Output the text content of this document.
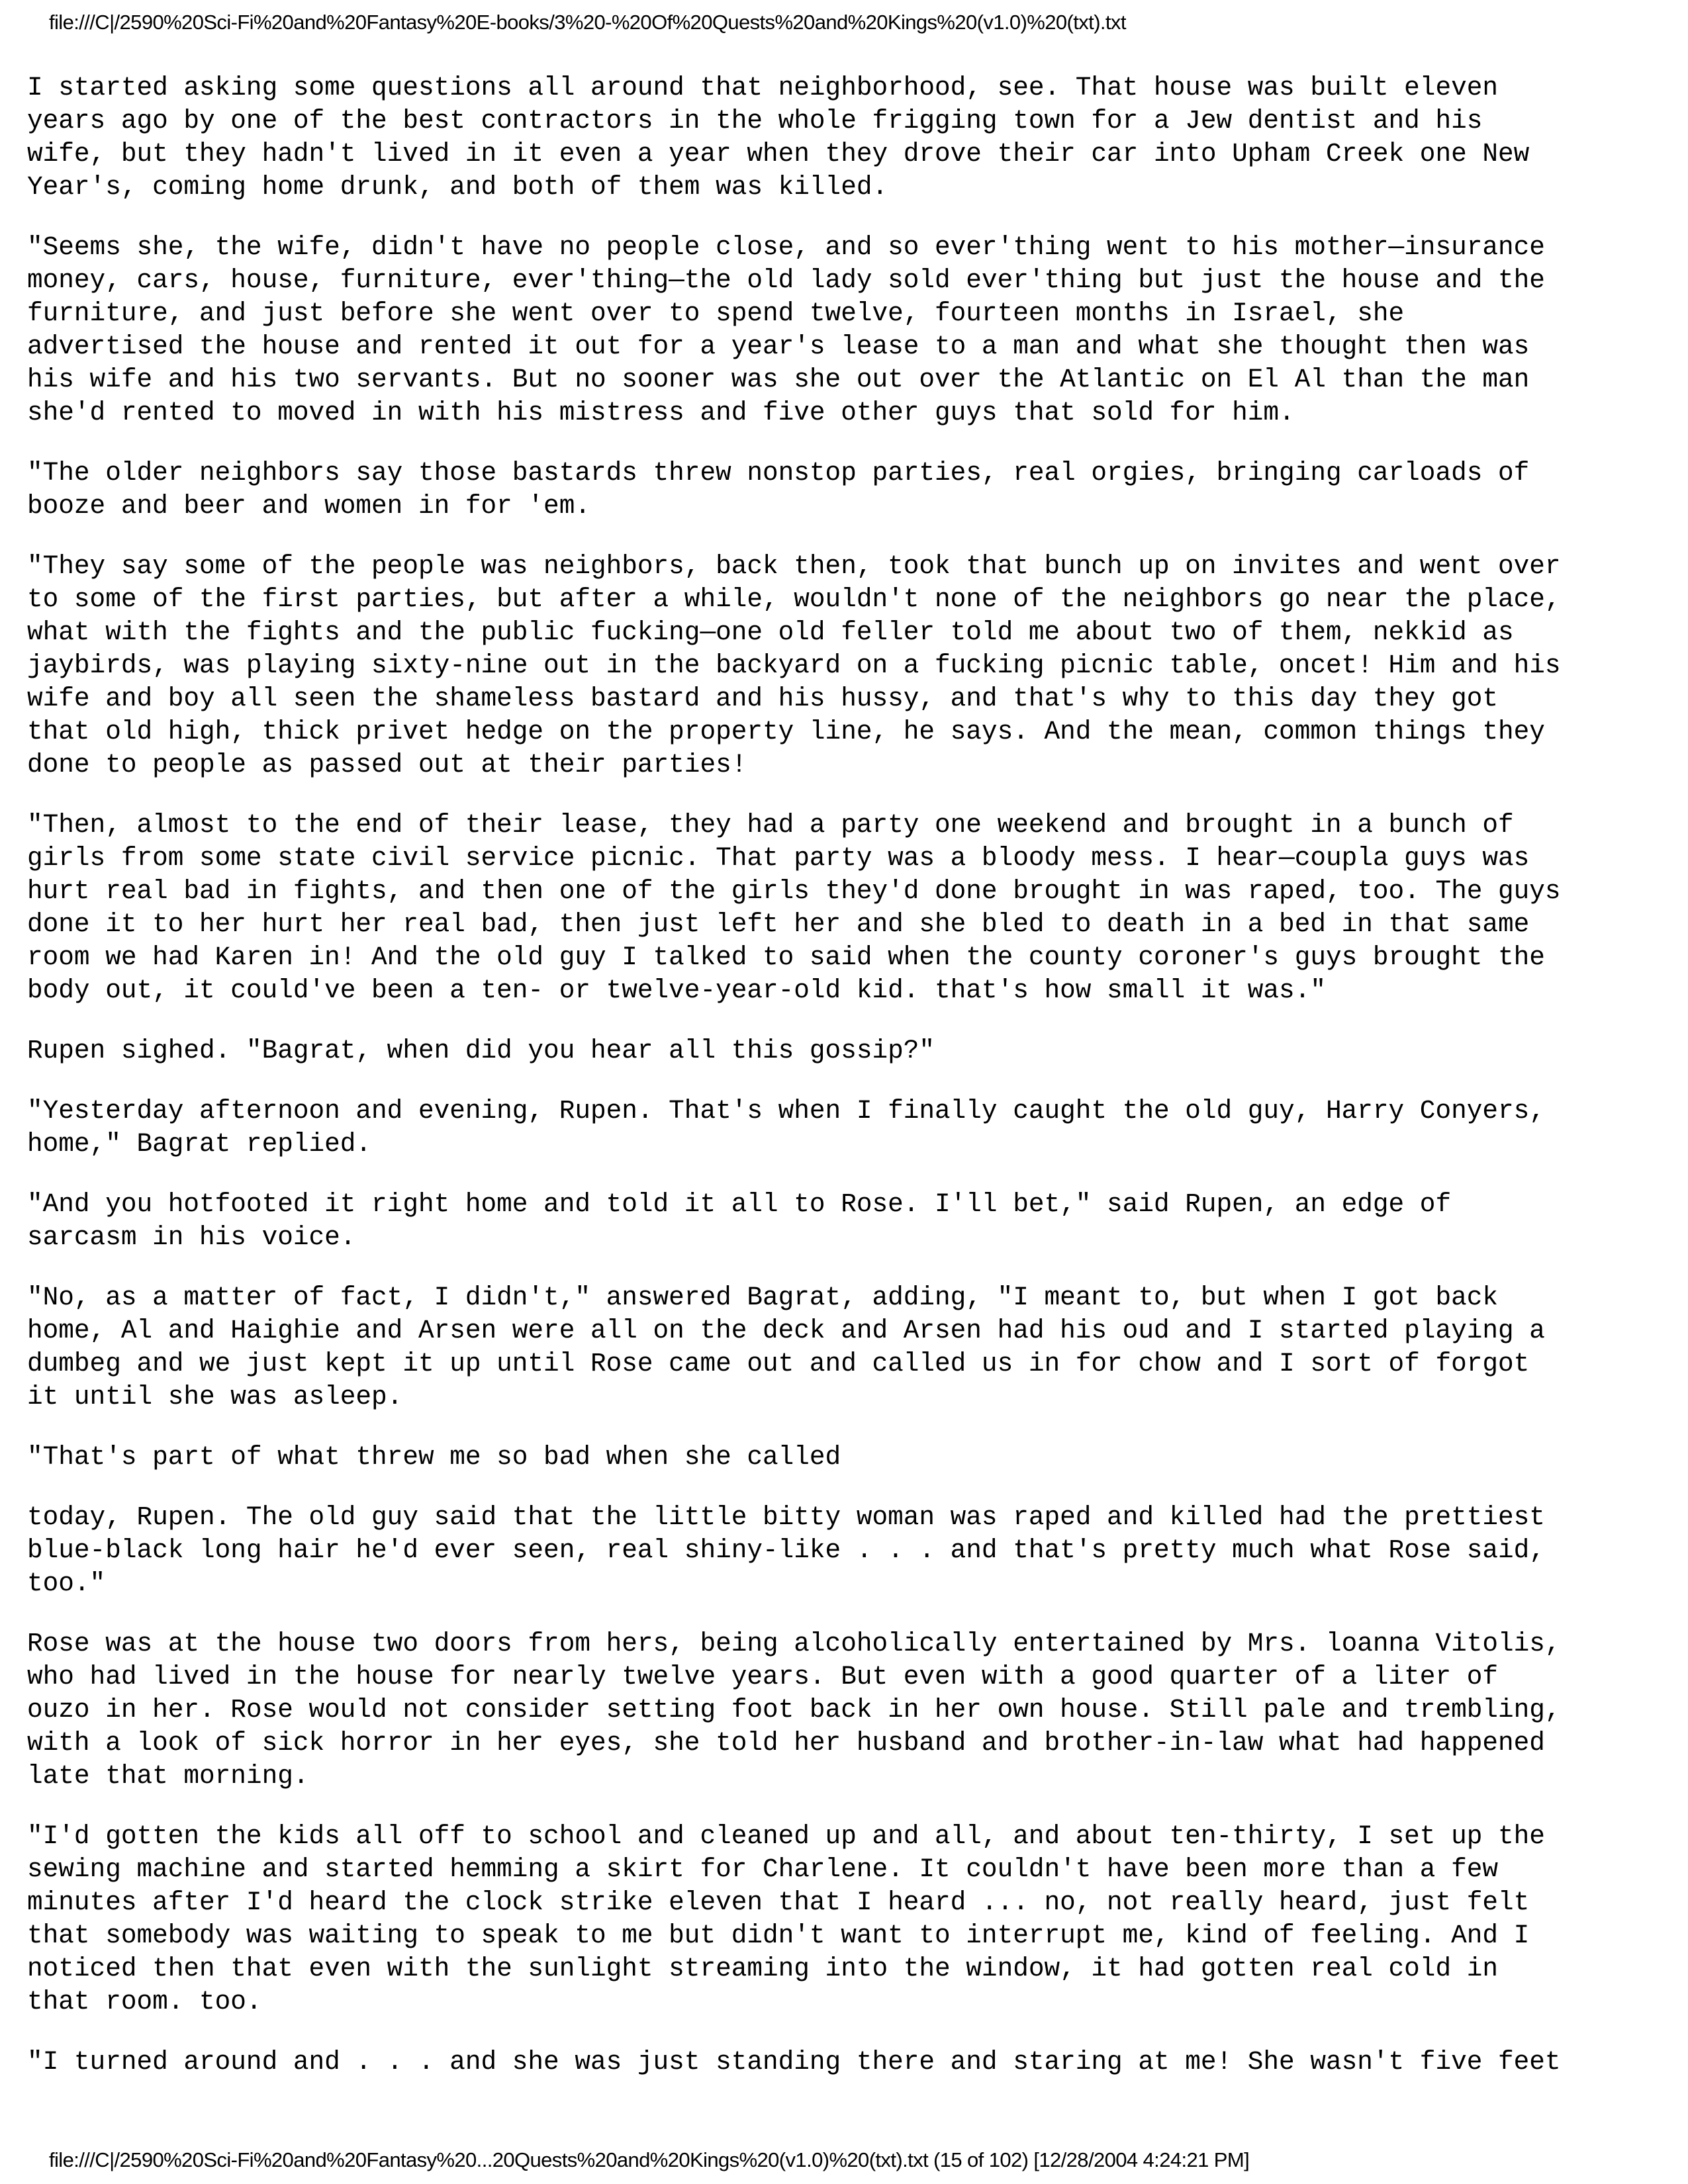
file:///C|/2590%20Sci-Fi%20and%20Fantasy%20E-books/3%20-%20Of%20Quests%20and%20Kings%20(v1.0)%20(txt).txt

I started asking some questions all around that neighborhood, see. That house was built eleven
years ago by one of the best contractors in the whole frigging town for a Jew dentist and his
wife, but they hadn't lived in it even a year when they drove their car into Upham Creek one New
Year's, coming home drunk, and both of them was killed.

"Seems she, the wife, didn't have no people close, and so ever'thing went to his mother—insurance
money, cars, house, furniture, ever'thing—the old lady sold ever'thing but just the house and the
furniture, and just before she went over to spend twelve, fourteen months in Israel, she
advertised the house and rented it out for a year's lease to a man and what she thought then was
his wife and his two servants. But no sooner was she out over the Atlantic on El Al than the man
she'd rented to moved in with his mistress and five other guys that sold for him.

"The older neighbors say those bastards threw nonstop parties, real orgies, bringing carloads of
booze and beer and women in for 'em.

"They say some of the people was neighbors, back then, took that bunch up on invites and went over
to some of the first parties, but after a while, wouldn't none of the neighbors go near the place,
what with the fights and the public fucking—one old feller told me about two of them, nekkid as
jaybirds, was playing sixty-nine out in the backyard on a fucking picnic table, oncet! Him and his
wife and boy all seen the shameless bastard and his hussy, and that's why to this day they got
that old high, thick privet hedge on the property line, he says. And the mean, common things they
done to people as passed out at their parties!

"Then, almost to the end of their lease, they had a party one weekend and brought in a bunch of
girls from some state civil service picnic. That party was a bloody mess. I hear—coupla guys was
hurt real bad in fights, and then one of the girls they'd done brought in was raped, too. The guys
done it to her hurt her real bad, then just left her and she bled to death in a bed in that same
room we had Karen in! And the old guy I talked to said when the county coroner's guys brought the
body out, it could've been a ten- or twelve-year-old kid. that's how small it was."

Rupen sighed. "Bagrat, when did you hear all this gossip?"

"Yesterday afternoon and evening, Rupen. That's when I finally caught the old guy, Harry Conyers,
home," Bagrat replied.

"And you hotfooted it right home and told it all to Rose. I'll bet," said Rupen, an edge of
sarcasm in his voice.

"No, as a matter of fact, I didn't," answered Bagrat, adding, "I meant to, but when I got back
home, Al and Haighie and Arsen were all on the deck and Arsen had his oud and I started playing a
dumbeg and we just kept it up until Rose came out and called us in for chow and I sort of forgot
it until she was asleep.

"That's part of what threw me so bad when she called

today, Rupen. The old guy said that the little bitty woman was raped and killed had the prettiest
blue-black long hair he'd ever seen, real shiny-like . . . and that's pretty much what Rose said,
too."

Rose was at the house two doors from hers, being alcoholically entertained by Mrs. loanna Vitolis,
who had lived in the house for nearly twelve years. But even with a good quarter of a liter of
ouzo in her. Rose would not consider setting foot back in her own house. Still pale and trembling,
with a look of sick horror in her eyes, she told her husband and brother-in-law what had happened
late that morning.

"I'd gotten the kids all off to school and cleaned up and all, and about ten-thirty, I set up the
sewing machine and started hemming a skirt for Charlene. It couldn't have been more than a few
minutes after I'd heard the clock strike eleven that I heard ... no, not really heard, just felt
that somebody was waiting to speak to me but didn't want to interrupt me, kind of feeling. And I
noticed then that even with the sunlight streaming into the window, it had gotten real cold in
that room. too.

"I turned around and . . . and she was just standing there and staring at me! She wasn't five feet

file:///C|/2590%20Sci-Fi%20and%20Fantasy%20...20Quests%20and%20Kings%20(v1.0)%20(txt).txt (15 of 102) [12/28/2004 4:24:21 PM]
